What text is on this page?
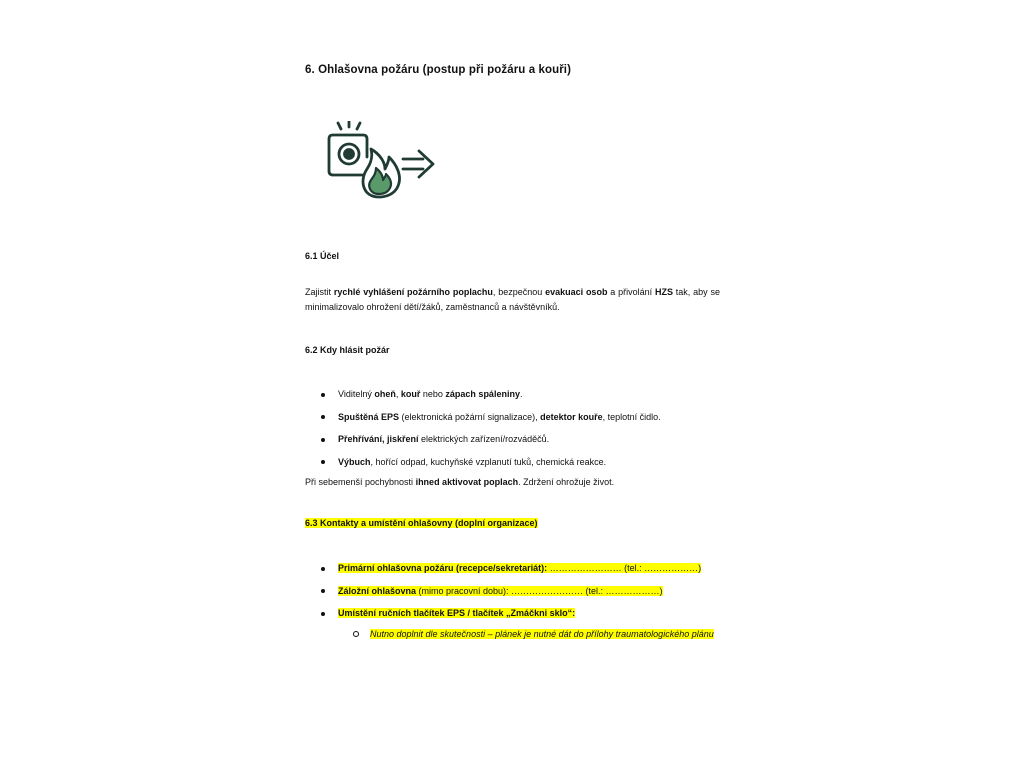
6. Ohlašovna požáru (postup při požáru a kouři)
6.1 Účel

Zajistit rychlé vyhlášení požárního poplachu, bezpečnou evakuaci osob a přivolání HZS tak, aby se minimalizovalo ohrožení dětí/žáků, zaměstnanců a návštěvníků.

6.2 Kdy hlásit požár
Viditelný oheň, kouř nebo zápach spáleniny.
Spuštěná EPS (elektronická požární signalizace), detektor kouře, teplotní čidlo.
Přehřívání, jiskření elektrických zařízení/rozváděčů.
Výbuch, hořící odpad, kuchyňské vzplanutí tuků, chemická reakce.
Při sebemenší pochybnosti ihned aktivovat poplach. Zdržení ohrožuje život.
6.3 Kontakty a umístění ohlašovny (doplní organizace)
Primární ohlašovna požáru (recepce/sekretariát): …………………… (tel.: ………………)
Záložní ohlašovna (mimo pracovní dobu): …………………… (tel.: ………………)
Umístění ručních tlačítek EPS / tlačítek „Zmáčkni sklo“:
Nutno doplnit dle skutečnosti – plánek je nutné dát do přílohy traumatologického plánu
